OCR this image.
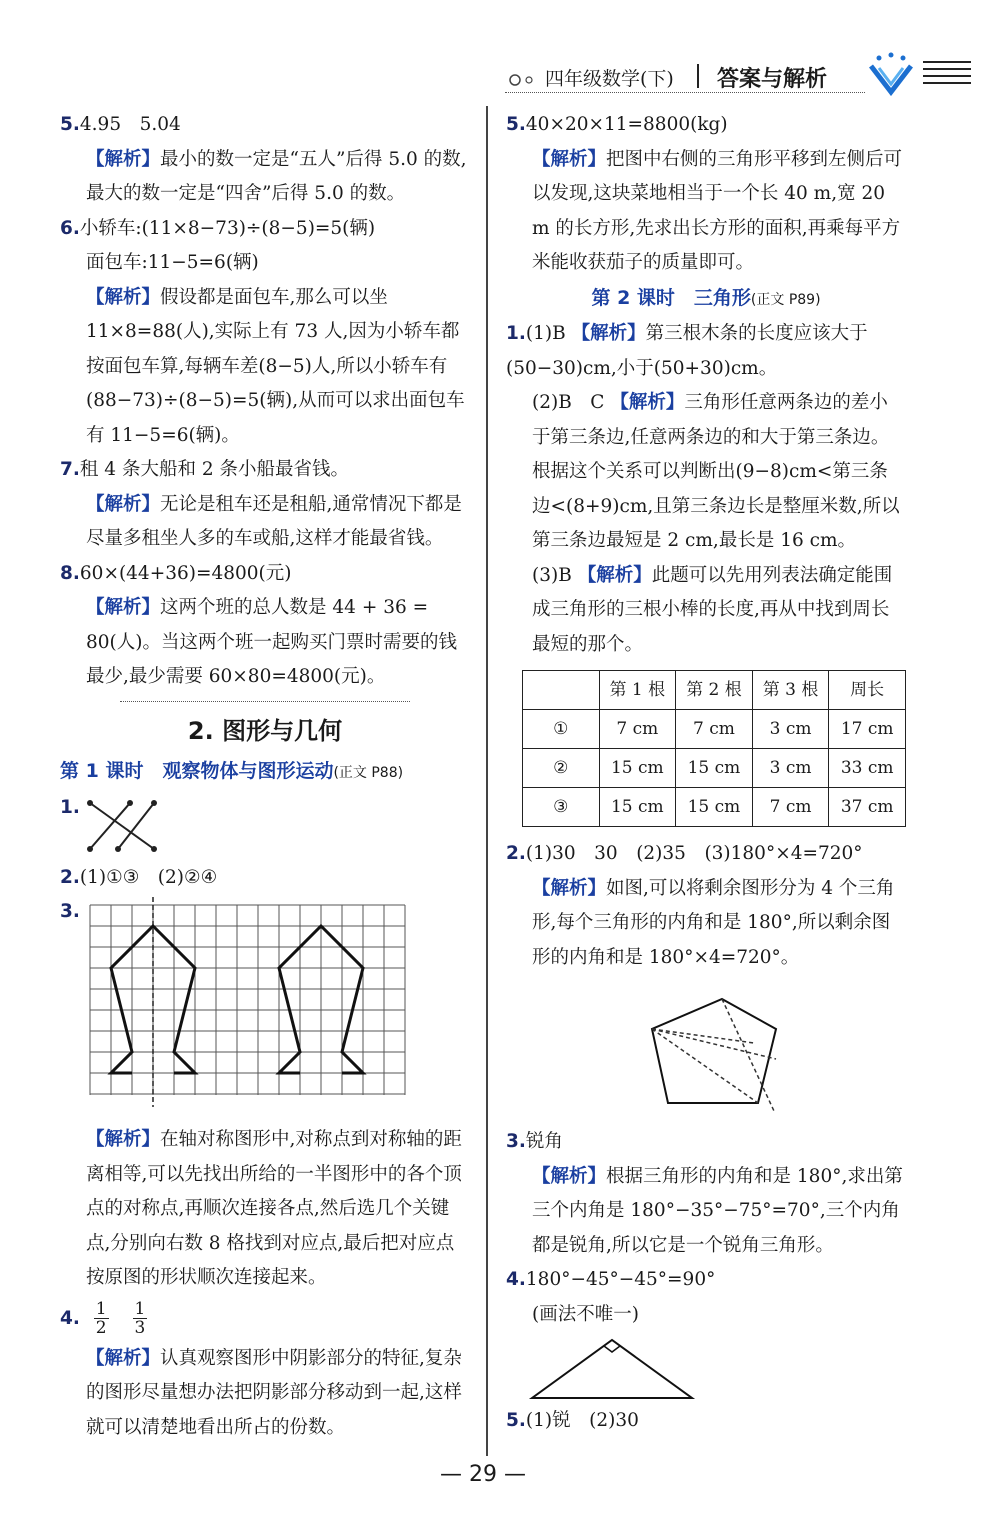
四年级数学(下) 答案与解析

5.4.95　5.04

【解析】最小的数一定是“五人”后得 5.0 的数,最大的数一定是“四舍”后得 5.0 的数。

6.小轿车:(11×8−73)÷(8−5)=5(辆)

面包车:11−5=6(辆)

【解析】假设都是面包车,那么可以坐 11×8=88(人),实际上有 73 人,因为小轿车都按面包车算,每辆车差(8−5)人,所以小轿车有(88−73)÷(8−5)=5(辆),从而可以求出面包车有 11−5=6(辆)。

7.租 4 条大船和 2 条小船最省钱。

【解析】无论是租车还是租船,通常情况下都是尽量多租坐人多的车或船,这样才能最省钱。

8.60×(44+36)=4800(元)

【解析】这两个班的总人数是 44 + 36 = 80(人)。当这两个班一起购买门票时需要的钱最少,最少需要 60×80=4800(元)。

2. 图形与几何

第 1 课时　观察物体与图形运动(正文 P88)

1.

2.(1)①③　(2)②④

3.

【解析】在轴对称图形中,对称点到对称轴的距离相等,可以先找出所给的一半图形中的各个顶点的对称点,再顺次连接各点,然后选几个关键点,分别向右数 8 格找到对应点,最后把对应点按原图的形状顺次连接起来。

4. $\frac{1}{2}$
$\frac{1}{3}$

【解析】认真观察图形中阴影部分的特征,复杂的图形尽量想办法把阴影部分移动到一起,这样就可以清楚地看出所占的份数。

5.40×20×11=8800(kg)

【解析】把图中右侧的三角形平移到左侧后可以发现,这块菜地相当于一个长 40 m,宽 20 m 的长方形,先求出长方形的面积,再乘每平方米能收获茄子的质量即可。

第 2 课时　三角形(正文 P89)

1.(1)B 【解析】第三根木条的长度应该大于(50−30)cm,小于(50+30)cm。

(2)B　C 【解析】三角形任意两条边的差小于第三条边,任意两条边的和大于第三条边。根据这个关系可以判断出(9−8)cm<第三条边<(8+9)cm,且第三条边长是整厘米数,所以第三条边最短是 2 cm,最长是 16 cm。

(3)B 【解析】此题可以先用列表法确定能围成三角形的三根小棒的长度,再从中找到周长最短的那个。

	第 1 根	第 2 根	第 3 根	周长
①	7 cm	7 cm	3 cm	17 cm
②	15 cm	15 cm	3 cm	33 cm
③	15 cm	15 cm	7 cm	37 cm

2.(1)30　30　(2)35　(3)180°×4=720°

【解析】如图,可以将剩余图形分为 4 个三角形,每个三角形的内角和是 180°,所以剩余图形的内角和是 180°×4=720°。

3.锐角

【解析】根据三角形的内角和是 180°,求出第三个内角是 180°−35°−75°=70°,三个内角都是锐角,所以它是一个锐角三角形。

4.180°−45°−45°=90°

(画法不唯一)

5.(1)锐　(2)30

— 29 —
